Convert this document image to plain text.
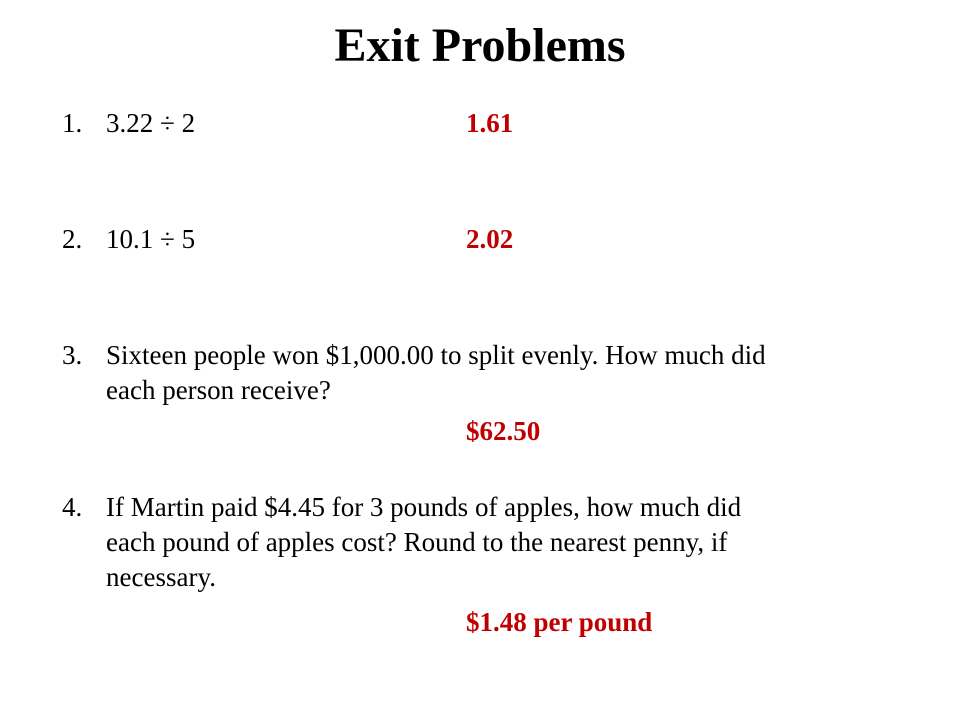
Exit Problems
1. 3.22 ÷ 2	1.61
2. 10.1 ÷ 5	2.02
3. Sixteen people won $1,000.00 to split evenly. How much did
each person receive?
$62.50
4. If Martin paid $4.45 for 3 pounds of apples, how much did
each pound of apples cost? Round to the nearest penny, if
necessary.
$1.48 per pound
